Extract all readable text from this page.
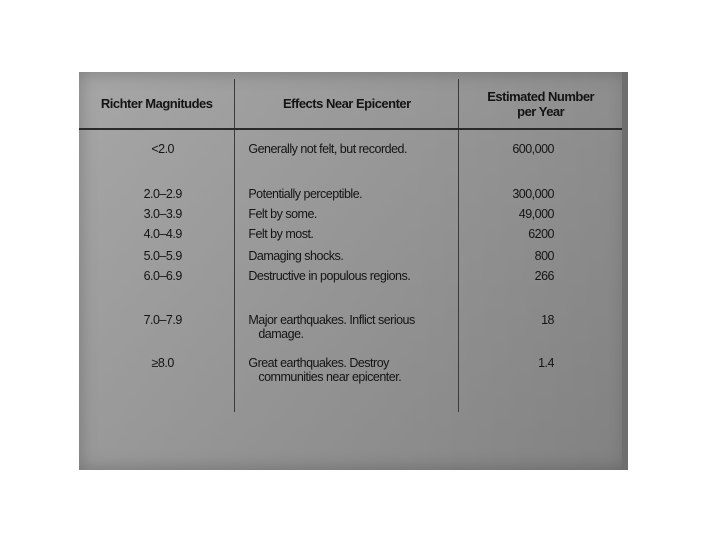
Richter Magnitudes	Effects Near Epicenter	Estimated Number
per Year
<2.0	Generally not felt, but recorded.	600,000
2.0–2.9	Potentially perceptible.	300,000
3.0–3.9	Felt by some.	49,000
4.0–4.9	Felt by most.	6200
5.0–5.9	Damaging shocks.	800
6.0–6.9	Destructive in populous regions.	266
7.0–7.9	Major earthquakes. Inflict serious damage.	18
≥8.0	Great earthquakes. Destroy communities near epicenter.	1.4
